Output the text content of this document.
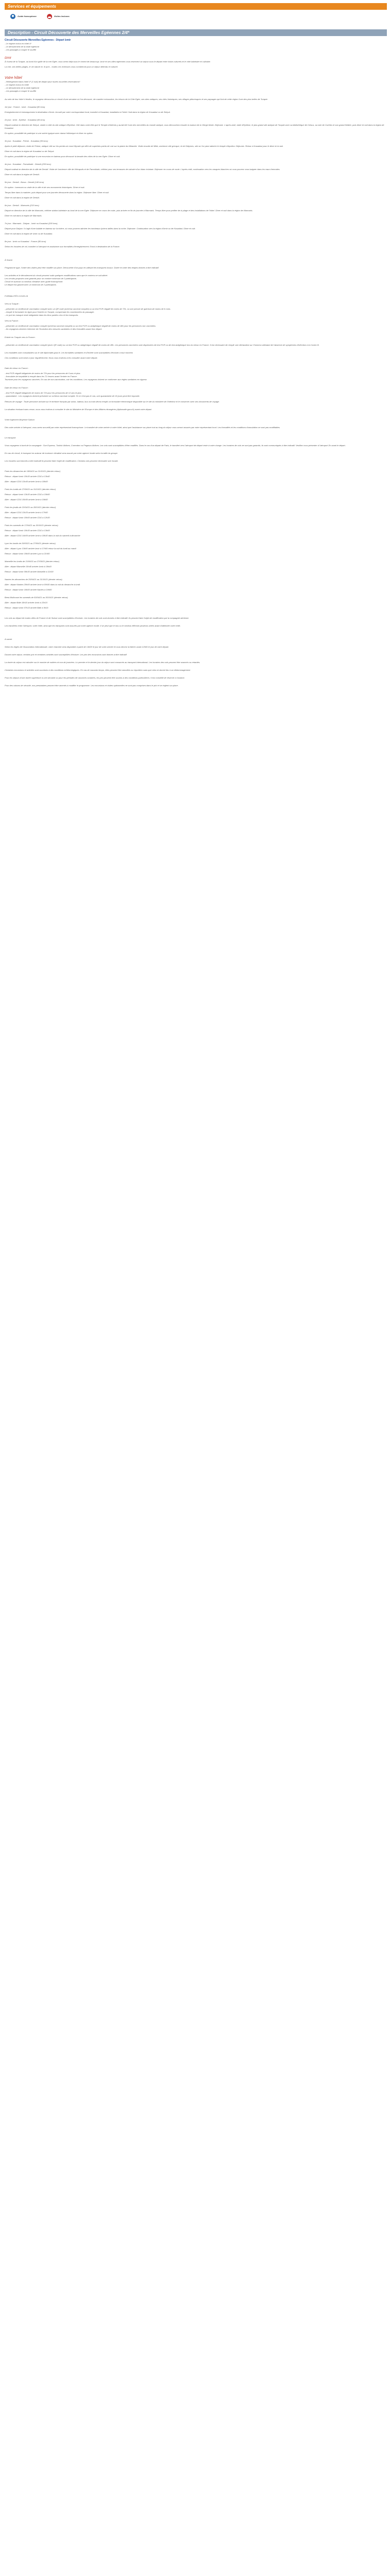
Services et équipements
Guide francophone	Visites Incluses
Description - Circuit Découverte des Merveilles Egéennes 2/4*
Circuit Découverte Merveilles Egéennes - Départ Izmir

- Le régime inclus en hôtel 4*

- Le déroulement de la visite égéenne

- Les passages à couper le souffle

Izmir

À l'ouest de la Turquie, au bord d'un golfe de la mer Egée, vous serez déjà sous le ciment de beaucoup. Izmir et ses villes égéennes vous réservent un séjour sous le départ entre loisirs culturels et le côté balnéaire et culinaire.

La mer, ses belles plages, le vin nature et, le port... toutes ces richesses vous combleront pour un séjour détendu et culturel.

Votre hôtel

- Hébergement dans hôtel 4* (1 nuit) de départ pour toutes nouvelles réservations*

- Le régime inclus en hôtel

- Le déroulement de la visite égéenne

- Les passages à couper le souffle

Au sein de leur hôtel 4 étoiles, le voyageur découvrira un circuit d'une semaine où l'on découvre, de manière exhaustive, les trésors de la Côte Egée, ses sites antiques, ses cités historiques, ses villages pittoresques et ses paysages qui font de cette région l'une des plus belles de Turquie.

1er jour : France - Izmir - Kusadasi (80 kms)

Enregistrement et embarquement à destination d'Izmir. Accueil par votre correspondant local, transfert à Kusadasi, installation à l'hôtel. Nuit dans la région de Kusadasi ou de Selçuk.

2e jour : Izmir - Ephèse - Kusadasi (45 kms)

Départ matinal en direction de Selçuk, située à côté du site antique d'Ephèse. Cité dans votre tête que le Temple d'Artémis y aurait été l'une des merveilles du monde antique, vous découvrirez ensuite la maison de la Vierge Marie. Déjeuner. L'après-midi, visite d'Ephèse, le plus grand site antique de Turquie avec sa bibliothèque de Celsus, sa voie de Curètes et son grand théâtre, puis dîner et nuit dans la région de Kusadasi.

En option, possibilité de participer à une soirée typique avec danse folklorique et dîner en option.

3e jour : Kusadasi - Priene - Kusadasi (55 kms)

Après le petit déjeuner, visite de Priene, antique cité sur les pentes du mont Mycale qui offre de superbes points de vue sur la plaine du Méandre. Visite ensuite de Milet, ancienne cité grecque, et de Didymes, site où l'on peut admirer le temple d'Apollon. Déjeuner. Retour à Kusadasi pour le dîner et la nuit.

Dîner et nuit dans la région de Kusadasi ou de Selçuk.

En option, possibilité de participer à une excursion en bateau pour découvrir la beauté des côtes de la mer Egée. Dîner et nuit.

4e jour : Kusadasi - Pamukkale - Denizli (200 kms)

Départ matinal en direction de la ville de Denizli. Visite de l'ancienne ville de Hiérapolis et de Pamukkale, célèbre pour ses terrasses de calcaire d'un blanc éclatant. Déjeuner en cours de route. L'après-midi, continuation vers les vasques blanches où vous pourrez vous baigner dans les eaux thermales.

Dîner et nuit dans la région de Denizli.

5e jour : Denizli - Bursa - Denizli (140 kms)

En option : hammam ou visite de la ville et de ses monuments historiques. Dîner et nuit.

Temps libre dans la matinée, puis départ pour une journée découverte dans la région. Déjeuner libre. Dîner et nuit.

Dîner et nuit dans la région de Denizli.

6e jour : Denizli - Marmaris (210 kms)

Départ en direction de la ville de Marmaris, célèbre station balnéaire au bord de la mer Egée. Déjeuner en cours de route, puis arrivée en fin de journée à Marmaris. Temps libre pour profiter de la plage et des installations de l'hôtel. Dîner et nuit dans la région de Marmaris.

Dîner et nuit dans la région de Marmaris.

7e jour : Marmaris - Dalyan - Izmir ou Kusadasi (200 kms)

Départ pour Dalyan. Il s'agit d'une balade en bateau sur la rivière, où vous pourrez admirer les tombeaux lyciens taillés dans la roche. Déjeuner. Continuation vers la région d'Izmir ou de Kusadasi. Dîner et nuit.

Dîner et nuit dans la région de Izmir ou de Kusadasi.

8e jour : Izmir ou Kusadasi - France (80 kms)

Selon les horaires de vol, transfert à l'aéroport et assistance aux formalités d'enregistrement. Envol à destination de la France.

À Savoir

Programme type, l'ordre des visites peut être modifié sur place. Découverte d'un pays en utilisant les transports locaux. Durée et ordre des étapes donnés à titre indicatif.

Les activités et le déroulement du circuit peuvent subir quelques modifications sans que le contenu ne soit altéré.

Les circuits proposés sont garantis pour un nombre minimum de 2 participants.

Circuit en autocar ou minibus climatisé avec guide francophone.

Le départ est garanti avec un minimum de 2 participants.

FORMALITÉS COVID-19

Vers la Turquie :

- présenter un certificat de vaccination complet avec un QR code (schéma vaccinal complet) ou un test PCR négatif de moins de 72h, ou une preuve de guérison de moins de 6 mois.

- remplir le formulaire en ligne pour l'entrée en Turquie, comprenant les coordonnées du passager.

- Le port du masque reste obligatoire dans les lieux publics clos et les transports.

Vers la France :

- présenter un certificat de vaccination complet (schéma vaccinal complet) ou un test PCR ou antigénique négatif de moins de 48h pour les personnes non vaccinées.

- les voyageurs doivent s'informer de l'évolution des mesures sanitaires et des formalités avant leur départ.

Entrée en Turquie vers la France :

- présenter un certificat de vaccination complet (avec QR code) ou un test PCR ou antigénique négatif de moins de 48h. Les personnes vaccinées sont dispensées de test PCR ou de test antigénique lors du retour en France. Il est nécessaire de remplir une déclaration sur l'honneur attestant de l'absence de symptômes d'infection à la Covid-19.

Les modalités sont consultables sur le site diplomatie.gouv.fr. Les formalités sanitaires et d'entrée sont susceptibles d'évoluer à tout moment.

Ces conditions sont mises à jour régulièrement. Nous vous invitons à les consulter avant votre départ.

Date de retour en France :

- test PCR négatif obligatoire de moins de 72h pour les personnes de 6 ans et plus.

- formulaire de traçabilité à remplir dans les 72 heures avant l'entrée en France.

Tourisme pour les voyageurs vaccinés. En cas de non-vaccination, voir les conditions. Les voyageurs doivent se conformer aux règles sanitaires en vigueur.

Date de retour en France :

- test PCR négatif obligatoire de moins de 72h pour les personnes de 12 ans et plus.

- quarantaine : Les voyageurs doivent présenter un schéma vaccinal complet. Si ce n'est pas le cas, une quarantaine de 10 jours peut être imposée.

Retours de voyage : Toute personne arrivant sur le territoire français par avion, bateau, bus ou train devra remplir un formulaire électronique disponible sur le site du ministère de l'Intérieur et le conserver avec ses documents de voyage.

La situation évoluant sans cesse, nous vous invitons à consulter le site du Ministère de l'Europe et des Affaires étrangères (diplomatie.gouv.fr) avant votre départ.

Votre logement Moyenne Saison

Dès votre arrivée à l'aéroport, vous serez accueilli par notre représentant francophone. Le transfert de votre arrivée à votre hôtel, ainsi que l'assistance sur place tout au long du séjour vous seront assurés par notre représentant local. Les formalités et les conditions d'annulation ne sont pas modifiables.

Le transport

Vous voyagerez à bord de la compagnie : Sun Express, Turkish Airlines, Corendon ou Pegasus Airlines. Les vols sont susceptibles d'être modifiés. Dans le cas d'un départ de Paris, le transfert vers l'aéroport de départ reste à votre charge. Les horaires de vols ne sont pas garantis, ils sont communiqués à titre indicatif. Veuillez vous présenter à l'aéroport 2h avant le départ.

En cas de circuit, le transport en autocar de tourisme climatisé sera assuré par notre agence locale selon la taille du groupe.

Les horaires sont donnés à titre indicatif et peuvent faire l'objet de modification. Certains vols peuvent nécessiter une escale.

Paris les dimanches de 18/04/21 au 31/10/21 (dernier retour)

Retour : départ Izmir 10h30 arrivée CDG à 13h40

Aller : départ CDG 13h40 arrivée Izmir à 18h00

Paris les lundis de 27/06/21 au 31/10/21 (dernier retour)

Retour : départ Izmir 13h30 arrivée CDG à 15h50

Aller : départ CDG 15h50 arrivée Izmir à 19h50

Paris les jeudis de 22/04/21 au 28/10/21 (dernier retour)

Aller : départ CDG 13h20 arrivée Izmir à 17h50

Retour : départ Izmir 10h00 arrivée CDG à 12h30

Paris les samedis de 17/04/21 au 30/10/21 (dernier retour)

Retour : départ Izmir 10h30 arrivée CDG à 13h00

Aller : départ CDG 14h00 arrivée Izmir à 18h30 dans la nuit du samedi à dimanche

Lyon les lundis de 29/03/21 au 27/09/21 (dernier retour)

Aller : départ Lyon 13h00 arrivée Izmir à 17h00 retour la nuit du lundi au mardi

Retour : départ Izmir 19h00 arrivée Lyon à 21h00

Marseille les lundis de 21/06/21 au 27/09/21 (dernier retour)

Aller : départ Marseille 15h40 arrivée Izmir à 19h40

Retour : départ Izmir 09h30 arrivée Marseille à 11h30

Nantes les dimanches de 25/04/21 au 31/10/21 (dernier retour)

Aller : départ Nantes 20h00 arrivée Izmir à 00h30 dans la nuit du dimanche à lundi

Retour : départ Izmir 16h00 arrivée Nantes à 19h00

Brest-Mulhouse les samedis de 03/04/21 au 30/10/21 (dernier retour)

Aller : départ Bâle 18h15 arrivée Izmir à 22h15

Retour : départ Izmir 07h15 arrivée Bâle à 9h15

Les vols au départ de toutes villes de France et de Suisse sont susceptibles d'évoluer. Les horaires de vols sont donnés à titre indicatif. Ils peuvent faire l'objet de modification par la compagnie aérienne.

Les transferts entre l'aéroport, votre hôtel, ainsi que les transports sont assurés par notre agence locale. Il se peut que le bus ou le minibus effectue plusieurs arrêts avant d'atteindre votre hôtel.

A savoir

Selon les règles de l'Association Internationale, votre chambre sera disponible à partir de 14h00 le jour de votre arrivée et vous devrez la libérer avant 12h00 le jour de votre départ.

Durant votre séjour, certains prix et certaines activités sont susceptibles d'évoluer. Les prix des excursions sont donnés à titre indicatif.

La durée du séjour est calculée sur le nombre de nuitées et non de journées. Le premier et le dernier jour du séjour sont consacrés au transport international. Les horaires des vols peuvent être avancés ou retardés.

Certaines excursions et activités sont soumises à des conditions météorologiques. En cas de mauvais temps, elles peuvent être annulées ou reportées sans que cela ne donne lieu à un dédommagement.

Pour les séjours d'une durée supérieure à une semaine ou pour les périodes de vacances scolaires, les prix peuvent être soumis à des conditions particulières. Il est conseillé de réserver à l'avance.

Pour des raisons de sécurité, nos prestataires peuvent être amenés à modifier le programme. Les excursions et visites optionnelles ne sont pas comprises dans le prix et se règlent sur place.
